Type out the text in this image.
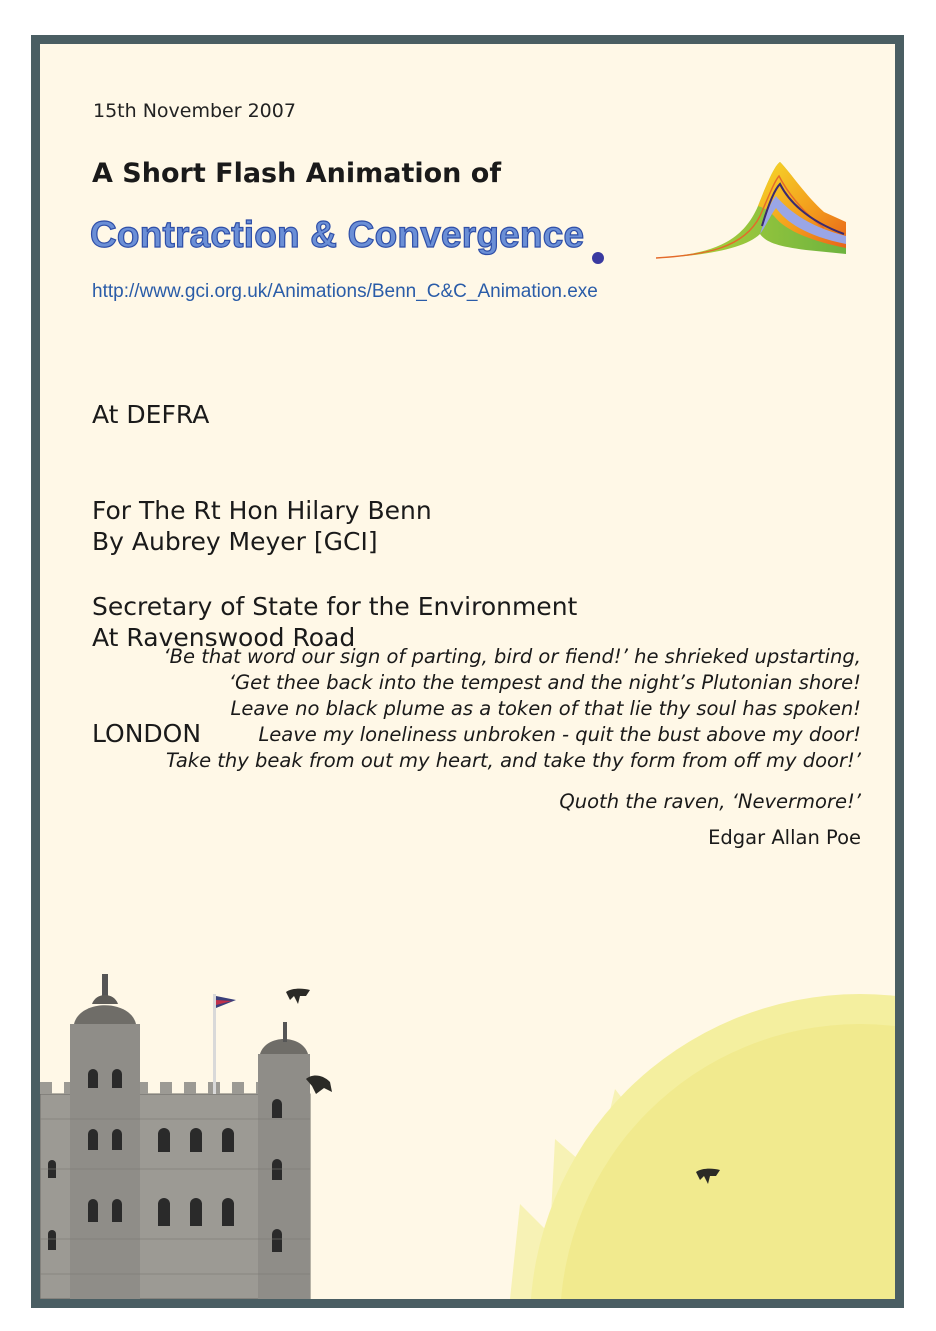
15th November 2007
A Short Flash Animation of
Contraction & Convergence
http://www.gci.org.uk/Animations/Benn_C&C_Animation.exe

At DEFRA

For The Rt Hon Hilary Benn

Secretary of State for the Environment

By Aubrey Meyer [GCI]

At Ravenswood Road

LONDON

‘Be that word our sign of parting, bird or fiend!’ he shrieked upstarting,
‘Get thee back into the tempest and the night’s Plutonian shore!
Leave no black plume as a token of that lie thy soul has spoken!
Leave my loneliness unbroken - quit the bust above my door!
Take thy beak from out my heart, and take thy form from off my door!’
Quoth the raven, ‘Nevermore!’
Edgar Allan Poe
